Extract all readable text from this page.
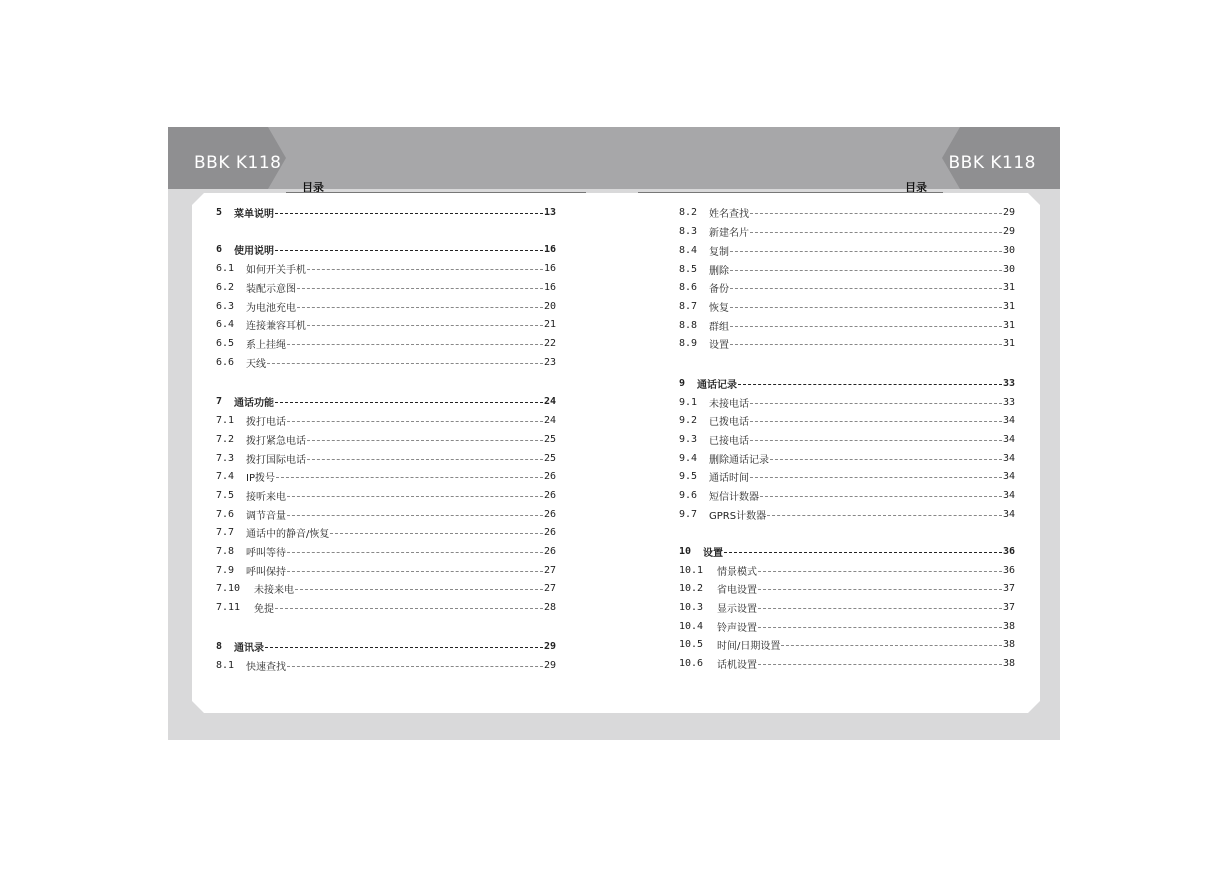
BBK K118	BBK K118
目录	目录
5	菜单说明	13
6	使用说明	16
6.1	如何开关手机	16
6.2	装配示意图	16
6.3	为电池充电	20
6.4	连接兼容耳机	21
6.5	系上挂绳	22
6.6	天线	23
7	通话功能	24
7.1	拨打电话	24
7.2	拨打紧急电话	25
7.3	拨打国际电话	25
7.4	IP拨号	26
7.5	接听来电	26
7.6	调节音量	26
7.7	通话中的静音/恢复	26
7.8	呼叫等待	26
7.9	呼叫保持	27
7.10	未接来电	27
7.11	免提	28
8	通讯录	29
8.1	快速查找	29
8.2	姓名查找	29
8.3	新建名片	29
8.4	复制	30
8.5	删除	30
8.6	备份	31
8.7	恢复	31
8.8	群组	31
8.9	设置	31
9	通话记录	33
9.1	未接电话	33
9.2	已拨电话	34
9.3	已接电话	34
9.4	删除通话记录	34
9.5	通话时间	34
9.6	短信计数器	34
9.7	GPRS计数器	34
10	设置	36
10.1	情景模式	36
10.2	省电设置	37
10.3	显示设置	37
10.4	铃声设置	38
10.5	时间/日期设置	38
10.6	话机设置	38
